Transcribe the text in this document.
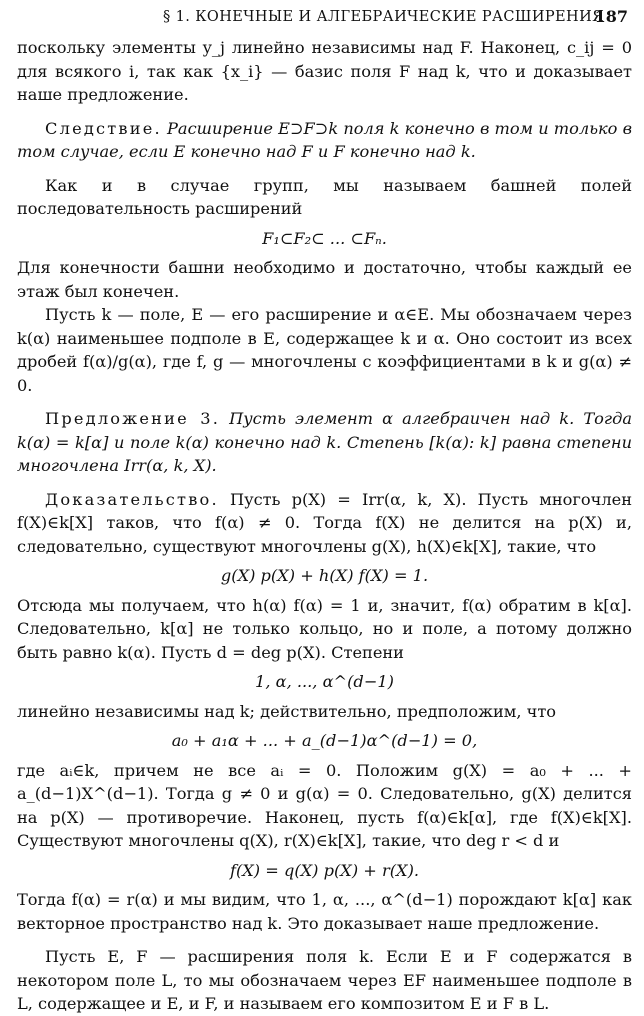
§ 1. КОНЕЧНЫЕ И АЛГЕБРАИЧЕСКИЕ РАСШИРЕНИЯ
187

поскольку элементы y_j линейно независимы над F. Наконец, c_ij = 0 для всякого i, так как {x_i} — базис поля F над k, что и доказывает наше предложение.

Следствие. Расширение E⊃F⊃k поля k конечно в том и только в том случае, если E конечно над F и F конечно над k.

Как и в случае групп, мы называем башней полей последовательность расширений

F₁⊂F₂⊂ ... ⊂Fₙ.

Для конечности башни необходимо и достаточно, чтобы каждый ее этаж был конечен.

Пусть k — поле, E — его расширение и α∈E. Мы обозначаем через k(α) наименьшее подполе в E, содержащее k и α. Оно состоит из всех дробей f(α)/g(α), где f, g — многочлены с коэффициентами в k и g(α) ≠ 0.

Предложение 3. Пусть элемент α алгебраичен над k. Тогда k(α) = k[α] и поле k(α) конечно над k. Степень [k(α): k] равна степени многочлена Irr(α, k, X).

Доказательство. Пусть p(X) = Irr(α, k, X). Пусть многочлен f(X)∈k[X] таков, что f(α) ≠ 0. Тогда f(X) не делится на p(X) и, следовательно, существуют многочлены g(X), h(X)∈k[X], такие, что

g(X) p(X) + h(X) f(X) = 1.

Отсюда мы получаем, что h(α) f(α) = 1 и, значит, f(α) обратим в k[α]. Следовательно, k[α] не только кольцо, но и поле, а потому должно быть равно k(α). Пусть d = deg p(X). Степени

1, α, ..., α^(d−1)

линейно независимы над k; действительно, предположим, что

a₀ + a₁α + ... + a_(d−1)α^(d−1) = 0,

где aᵢ∈k, причем не все aᵢ = 0. Положим g(X) = a₀ + ... + a_(d−1)X^(d−1). Тогда g ≠ 0 и g(α) = 0. Следовательно, g(X) делится на p(X) — противоречие. Наконец, пусть f(α)∈k[α], где f(X)∈k[X]. Существуют многочлены q(X), r(X)∈k[X], такие, что deg r < d и

f(X) = q(X) p(X) + r(X).

Тогда f(α) = r(α) и мы видим, что 1, α, ..., α^(d−1) порождают k[α] как векторное пространство над k. Это доказывает наше предложение.

Пусть E, F — расширения поля k. Если E и F содержатся в некотором поле L, то мы обозначаем через EF наименьшее подполе в L, содержащее и E, и F, и называем его композитом E и F в L.
